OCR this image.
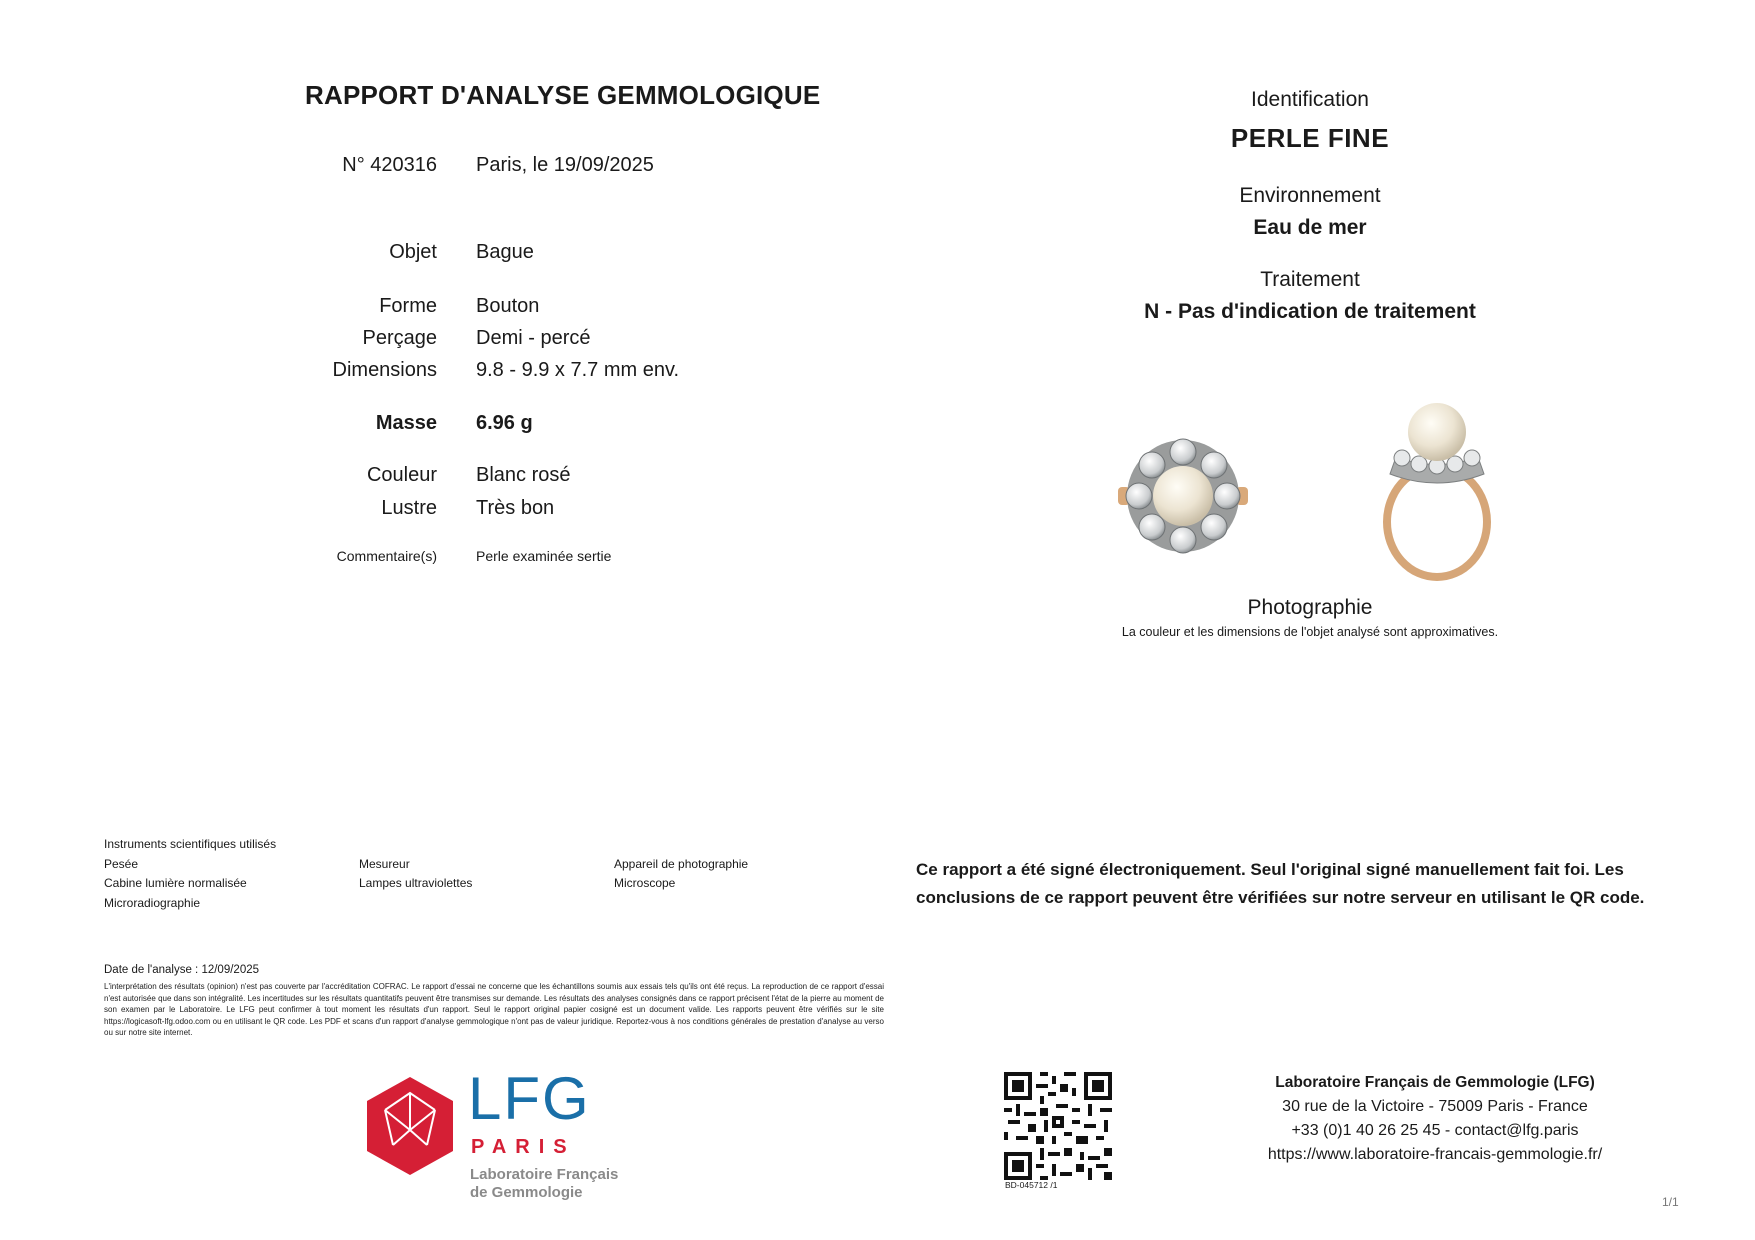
RAPPORT D'ANALYSE GEMMOLOGIQUE
N° 420316 Paris, le 19/09/2025
Objet Bague
Forme Bouton
Perçage Demi - percé
Dimensions 9.8 - 9.9 x 7.7 mm env.
Masse 6.96 g
Couleur Blanc rosé
Lustre Très bon
Commentaire(s)	Perle examinée sertie
Identification
PERLE FINE
Environnement
Eau de mer
Traitement
N - Pas d'indication de traitement
Photographie
La couleur et les dimensions de l'objet analysé sont approximatives.
Instruments scientifiques utilisés
Pesée
Cabine lumière normalisée
Microradiographie
Mesureur
Lampes ultraviolettes
Appareil de photographie
Microscope
Ce rapport a été signé électroniquement. Seul l'original signé manuellement fait foi. Les conclusions de ce rapport peuvent être vérifiées sur notre serveur en utilisant le QR code.
Date de l'analyse : 12/09/2025
L'interprétation des résultats (opinion) n'est pas couverte par l'accréditation COFRAC. Le rapport d'essai ne concerne que les échantillons soumis aux essais tels qu'ils ont été reçus. La reproduction de ce rapport d'essai n'est autorisée que dans son intégralité. Les incertitudes sur les résultats quantitatifs peuvent être transmises sur demande. Les résultats des analyses consignés dans ce rapport précisent l'état de la pierre au moment de son examen par le Laboratoire. Le LFG peut confirmer à tout moment les résultats d'un rapport. Seul le rapport original papier cosigné est un document valide. Les rapports peuvent être vérifiés sur le site https://logicasoft-lfg.odoo.com ou en utilisant le QR code. Les PDF et scans d'un rapport d'analyse gemmologique n'ont pas de valeur juridique. Reportez-vous à nos conditions générales de prestation d'analyse au verso ou sur notre site internet.
LFG
PARIS
Laboratoire Français
de Gemmologie	BD-045712 /1
Laboratoire Français de Gemmologie (LFG)
30 rue de la Victoire - 75009 Paris - France
+33 (0)1 40 26 25 45 - contact@lfg.paris
https://www.laboratoire-francais-gemmologie.fr/
1/1
